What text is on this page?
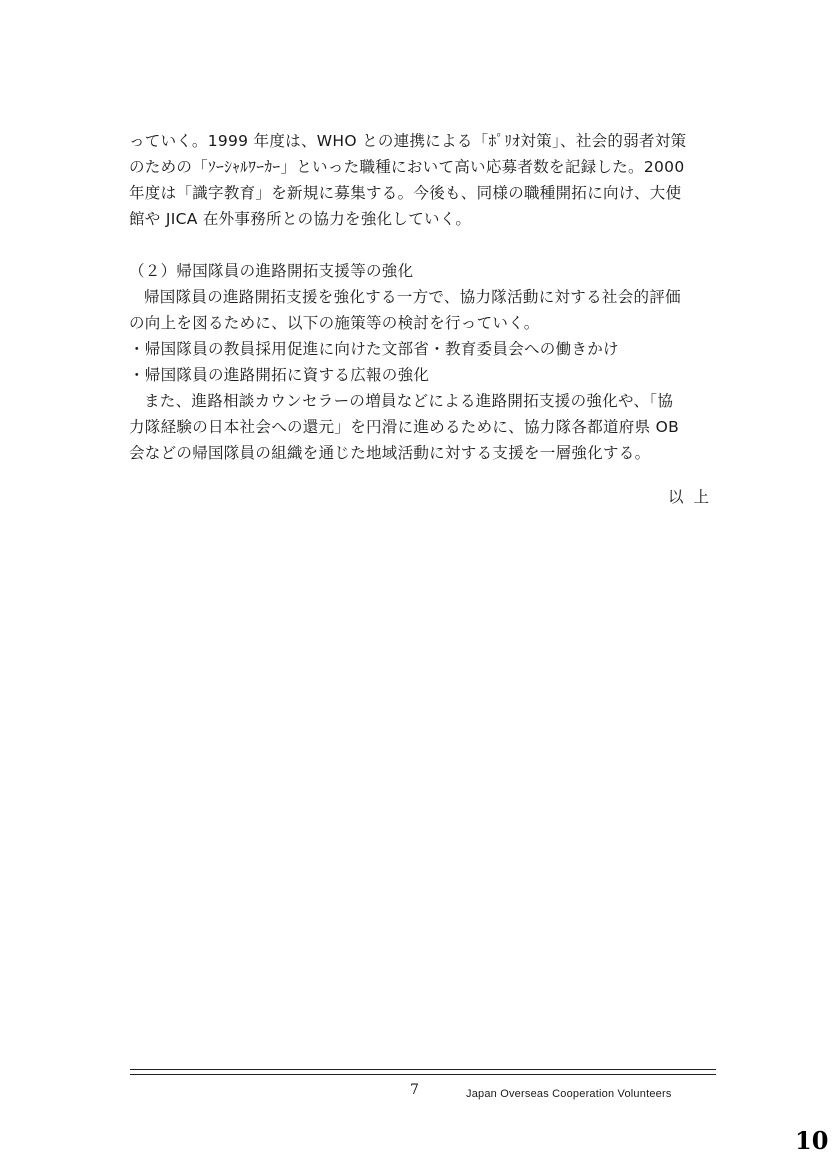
っていく。1999 年度は、WHO との連携による「ﾎﾟﾘｵ対策」、社会的弱者対策
のための「ｿｰｼｬﾙﾜｰｶｰ」といった職種において高い応募者数を記録した。2000
年度は「識字教育」を新規に募集する。今後も、同様の職種開拓に向け、大使
館や JICA 在外事務所との協力を強化していく。
（２）帰国隊員の進路開拓支援等の強化
帰国隊員の進路開拓支援を強化する一方で、協力隊活動に対する社会的評価
の向上を図るために、以下の施策等の検討を行っていく。
・帰国隊員の教員採用促進に向けた文部省・教育委員会への働きかけ
・帰国隊員の進路開拓に資する広報の強化
また、進路相談カウンセラーの増員などによる進路開拓支援の強化や、「協
力隊経験の日本社会への還元」を円滑に進めるために、協力隊各都道府県 OB
会などの帰国隊員の組織を通じた地域活動に対する支援を一層強化する。
以上
7	Japan Overseas Cooperation Volunteers
10
